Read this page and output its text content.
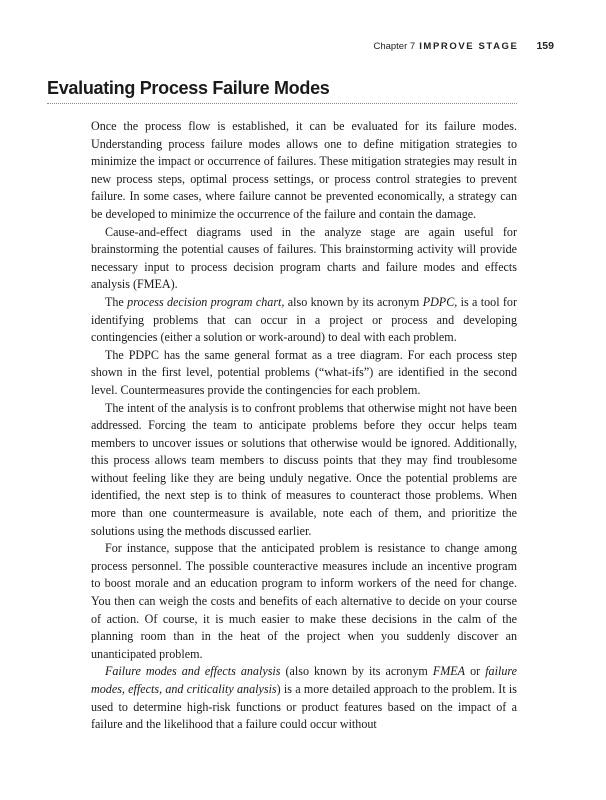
Chapter 7 IMPROVE STAGE 159
Evaluating Process Failure Modes

Once the process flow is established, it can be evaluated for its failure modes. Understanding process failure modes allows one to define mitigation strategies to minimize the impact or occurrence of failures. These mitigation strategies may result in new process steps, optimal process settings, or process control strategies to prevent failure. In some cases, where failure cannot be prevented economically, a strategy can be developed to minimize the occurrence of the failure and contain the damage.

Cause-and-effect diagrams used in the analyze stage are again useful for brainstorming the potential causes of failures. This brainstorming activity will provide necessary input to process decision program charts and failure modes and effects analysis (FMEA).

The process decision program chart, also known by its acronym PDPC, is a tool for identifying problems that can occur in a project or process and developing contingencies (either a solution or work-around) to deal with each problem.

The PDPC has the same general format as a tree diagram. For each process step shown in the first level, potential problems (“what-ifs”) are identified in the second level. Countermeasures provide the contingencies for each problem.

The intent of the analysis is to confront problems that otherwise might not have been addressed. Forcing the team to anticipate problems before they occur helps team members to uncover issues or solutions that otherwise would be ignored. Additionally, this process allows team members to discuss points that they may find troublesome without feeling like they are being unduly negative. Once the potential problems are identified, the next step is to think of measures to counteract those problems. When more than one countermeasure is available, note each of them, and prioritize the solutions using the methods discussed earlier.

For instance, suppose that the anticipated problem is resistance to change among process personnel. The possible counteractive measures include an incentive program to boost morale and an education program to inform workers of the need for change. You then can weigh the costs and benefits of each alternative to decide on your course of action. Of course, it is much easier to make these decisions in the calm of the planning room than in the heat of the project when you suddenly discover an unanticipated problem.

Failure modes and effects analysis (also known by its acronym FMEA or failure modes, effects, and criticality analysis) is a more detailed approach to the problem. It is used to determine high-risk functions or product features based on the impact of a failure and the likelihood that a failure could occur without
